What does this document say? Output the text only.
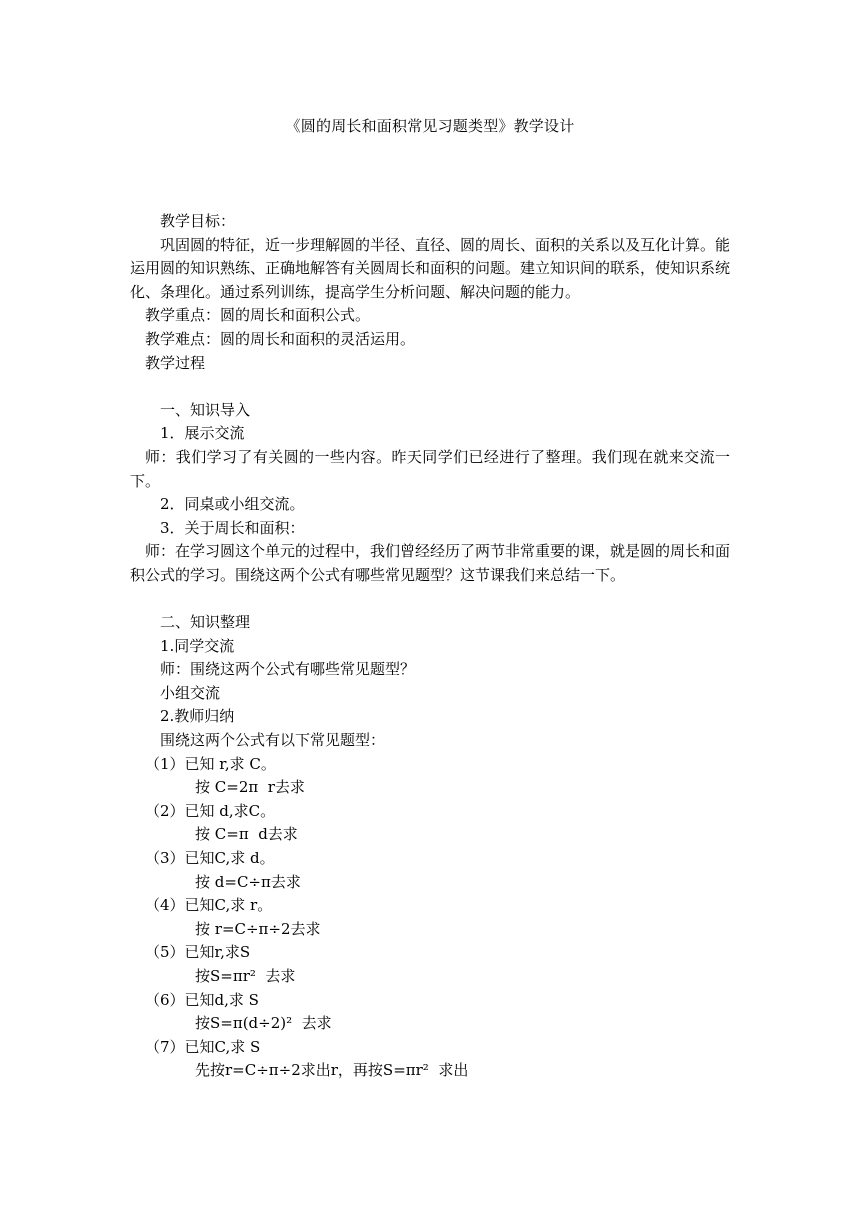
《圆的周长和面积常见习题类型》教学设计

教学目标：

巩固圆的特征，近一步理解圆的半径、直径、圆的周长、面积的关系以及互化计算。能运用圆的知识熟练、正确地解答有关圆周长和面积的问题。建立知识间的联系，使知识系统化、条理化。通过系列训练，提高学生分析问题、解决问题的能力。

教学重点：圆的周长和面积公式。

教学难点：圆的周长和面积的灵活运用。

教学过程

一、知识导入

1．展示交流

师：我们学习了有关圆的一些内容。昨天同学们已经进行了整理。我们现在就来交流一下。

2．同桌或小组交流。

3．关于周长和面积：

师：在学习圆这个单元的过程中，我们曾经经历了两节非常重要的课，就是圆的周长和面积公式的学习。围绕这两个公式有哪些常见题型？这节课我们来总结一下。

二、知识整理

1.同学交流

师：围绕这两个公式有哪些常见题型？

小组交流

2.教师归纳

围绕这两个公式有以下常见题型：

（1）已知 r,求 C。

按 C=2π  r去求

（2）已知 d,求C。

按 C=π  d去求

（3）已知C,求 d。

按 d=C÷π去求

（4）已知C,求 r。

按 r=C÷π÷2去求

（5）已知r,求S

按S=πr²  去求

（6）已知d,求 S

按S=π(d÷2)²  去求

（7）已知C,求 S

先按r=C÷π÷2求出r，再按S=πr²  求出
